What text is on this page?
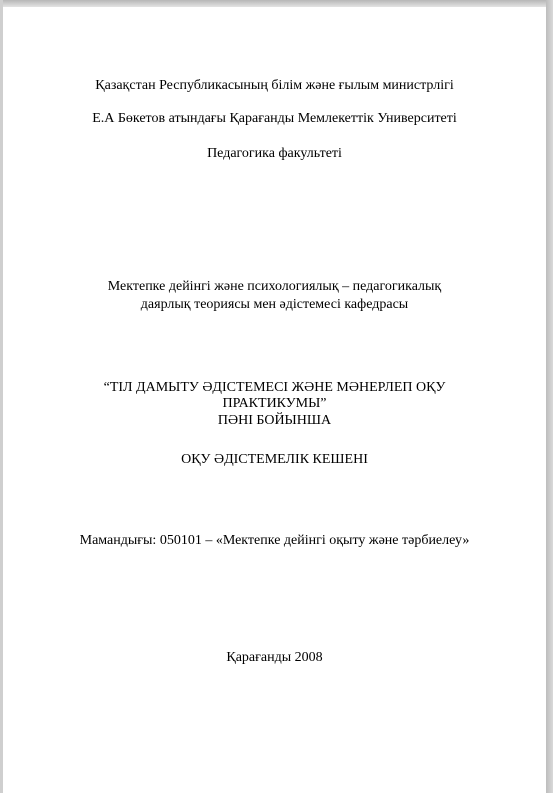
Қазақстан Республикасының білім және ғылым министрлігі
Е.А Бөкетов атындағы Қарағанды Мемлекеттік Университеті
Педагогика факультеті
Мектепке дейінгі және психологиялық – педагогикалық
даярлық теориясы мен әдістемесі кафедрасы
“ТІЛ ДАМЫТУ ӘДІСТЕМЕСІ ЖӘНЕ МӘНЕРЛЕП ОҚУ
ПРАКТИКУМЫ”
ПӘНІ БОЙЫНША
ОҚУ ӘДІСТЕМЕЛІК КЕШЕНІ
Мамандығы: 050101 – «Мектепке дейінгі оқыту және тәрбиелеу»
Қарағанды 2008
